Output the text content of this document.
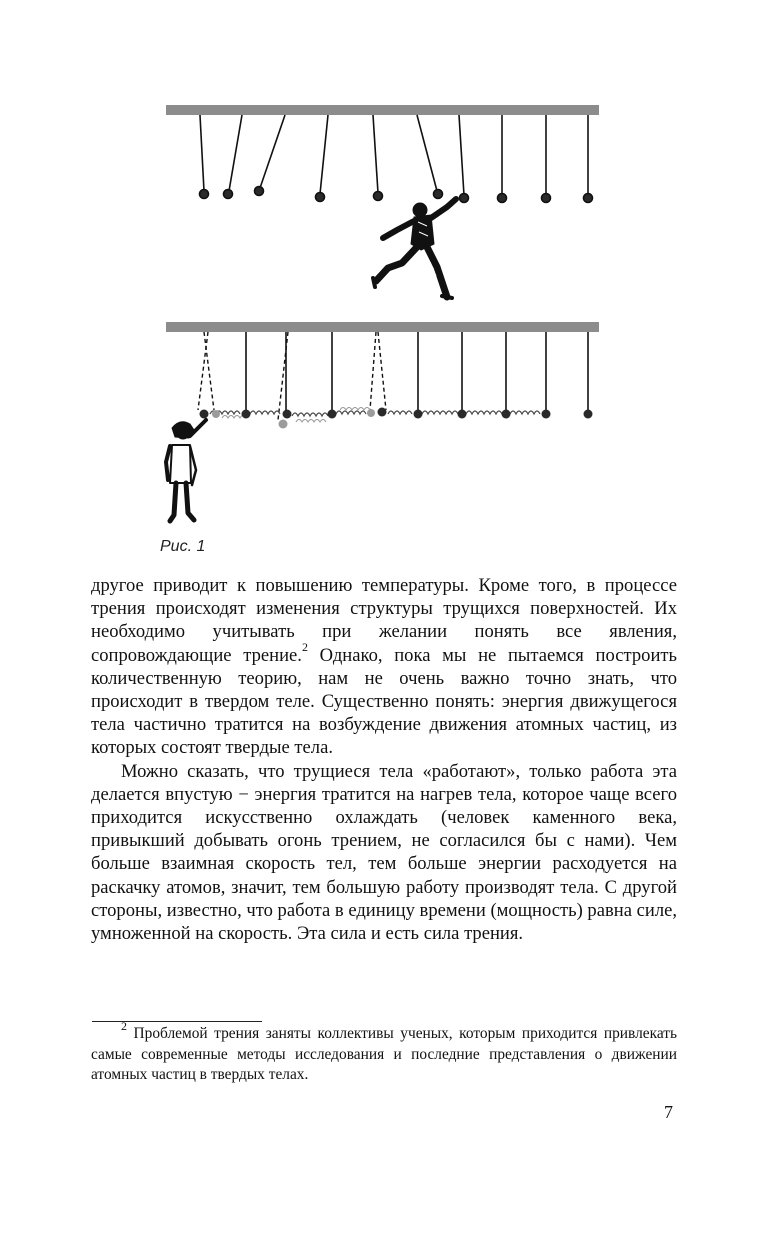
Рис. 1

другое приводит к повышению температуры. Кроме того, в процессе трения происходят изменения структуры трущихся поверхностей. Их необходимо учитывать при желании понять все явления, сопровождающие трение.$^2$ Однако, пока мы не пытаемся построить количественную теорию, нам не очень важно точно знать, что происходит в твердом теле. Существенно понять: энергия движущегося тела частично тратится на возбуждение движения атомных частиц, из которых состоят твердые тела.

Можно сказать, что трущиеся тела «работают», только работа эта делается впустую − энергия тратится на нагрев тела, которое чаще всего приходится искусственно охлаждать (человек каменного века, привыкший добывать огонь трением, не согласился бы с нами). Чем больше взаимная скорость тел, тем больше энергии расходуется на раскачку атомов, значит, тем большую работу производят тела. С другой стороны, известно, что работа в единицу времени (мощность) равна силе, умноженной на скорость. Эта сила и есть сила трения.

$^2$ Проблемой трения заняты коллективы ученых, которым приходится привлекать самые современные методы исследования и последние представления о движении атомных частиц в твердых телах.

7
